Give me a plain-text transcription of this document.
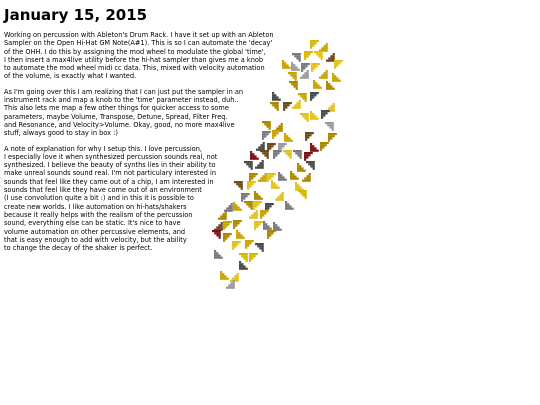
January 15, 2015

Working on percussion with Ableton's Drum Rack. I have it set up with an Ableton
Sampler on the Open Hi-Hat GM Note(A#1). This is so I can automate the 'decay'
of the OHH. I do this by assigning the mod wheel to modulate the global 'time',
I then insert a max4live utility before the hi-hat sampler than gives me a knob
to automate the mod wheel midi cc data. This, mixed with velocity automation
of the volume, is exactly what I wanted.

As I'm going over this I am realizing that I can just put the sampler in an
instrument rack and map a knob to the 'time' parameter instead, duh..
This also lets me map a few other things for quicker access to some
parameters, maybe Volume, Transpose, Detune, Spread, Filter Freq.
and Resonance, and Velocity>Volume. Okay, good, no more max4live
stuff, always good to stay in box :)

A note of explanation for why I setup this. I love percussion,
I especially love it when synthesized percussion sounds real, not
synthesized. I believe the beauty of synths lies in their ability to
make unreal sounds sound real. I'm not particulary interested in
sounds that feel like they came out of a chip, I am interested in
sounds that feel like they have come out of an environment
(I use convolution quite a bit :) and in this it is possible to
create new worlds. I like automation on hi-hats/shakers
because it really helps with the realism of the percussion
sound, everything else can be static. It's nice to have
volume automation on other percussive elements, and
that is easy enough to add with velocity, but the ability
to change the decay of the shaker is perfect.
